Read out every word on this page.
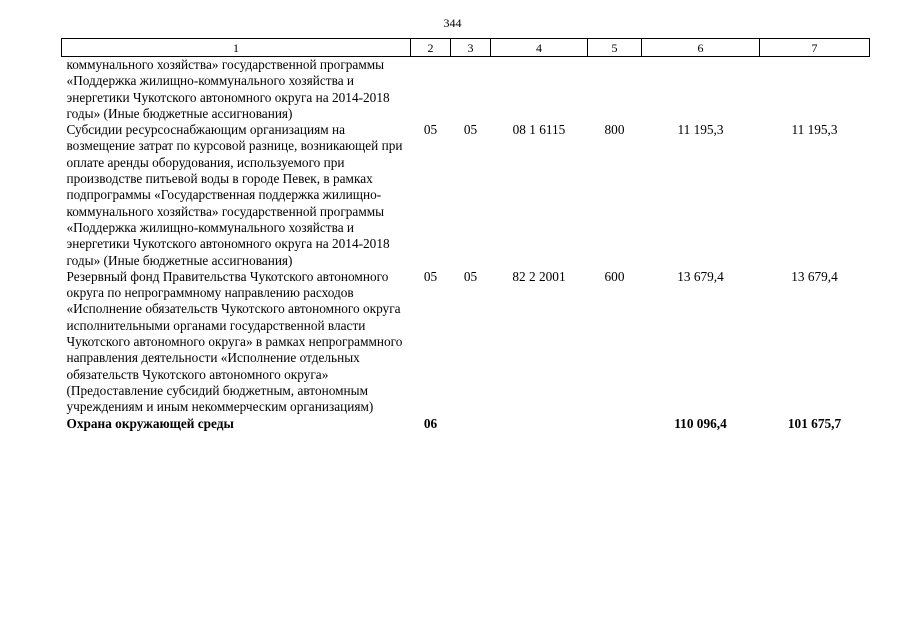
344
1	2	3	4	5	6	7
коммунального хозяйства» государственной программы «Поддержка жилищно-коммунального хозяйства и энергетики Чукотского автономного округа на 2014-2018 годы» (Иные бюджетные ассигнования)						
Субсидии ресурсоснабжающим организациям на возмещение затрат по курсовой разнице, возникающей при оплате аренды оборудования, используемого при производстве питьевой воды в городе Певек, в рамках подпрограммы «Государственная поддержка жилищно-коммунального хозяйства» государственной программы «Поддержка жилищно-коммунального хозяйства и энергетики Чукотского автономного округа на 2014-2018 годы» (Иные бюджетные ассигнования)	05	05	08 1 6115	800	11 195,3	11 195,3
Резервный фонд Правительства Чукотского автономного округа по непрограммному направлению расходов «Исполнение обязательств Чукотского автономного округа исполнительными органами государственной власти Чукотского автономного округа» в рамках непрограммного направления деятельности «Исполнение отдельных обязательств Чукотского автономного округа» (Предоставление субсидий бюджетным, автономным учреждениям и иным некоммерческим организациям)	05	05	82 2 2001	600	13 679,4	13 679,4
Охрана окружающей среды	06				110 096,4	101 675,7
